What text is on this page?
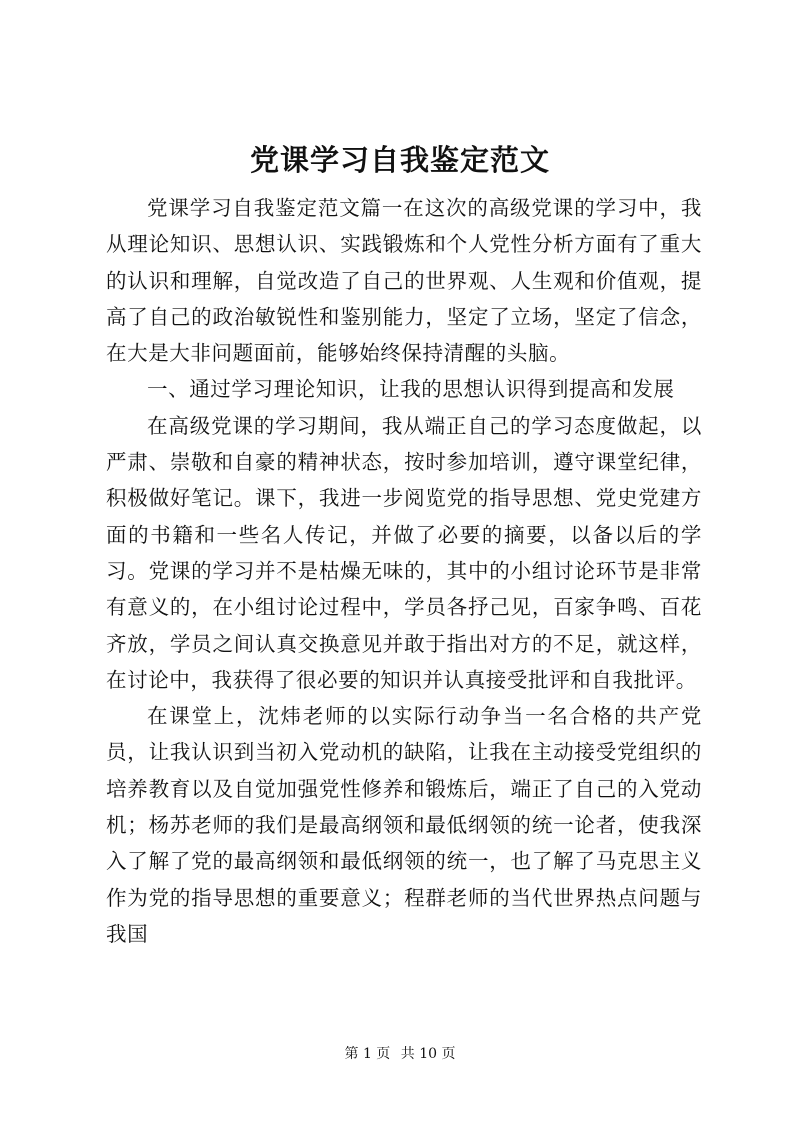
党课学习自我鉴定范文

党课学习自我鉴定范文篇一在这次的高级党课的学习中，我从理论知识、思想认识、实践锻炼和个人党性分析方面有了重大的认识和理解，自觉改造了自己的世界观、人生观和价值观，提高了自己的政治敏锐性和鉴别能力，坚定了立场，坚定了信念，在大是大非问题面前，能够始终保持清醒的头脑。

一、通过学习理论知识，让我的思想认识得到提高和发展

在高级党课的学习期间，我从端正自己的学习态度做起，以严肃、崇敬和自豪的精神状态，按时参加培训，遵守课堂纪律，积极做好笔记。课下，我进一步阅览党的指导思想、党史党建方面的书籍和一些名人传记，并做了必要的摘要，以备以后的学习。党课的学习并不是枯燥无味的，其中的小组讨论环节是非常有意义的，在小组讨论过程中，学员各抒己见，百家争鸣、百花齐放，学员之间认真交换意见并敢于指出对方的不足，就这样，在讨论中，我获得了很必要的知识并认真接受批评和自我批评。

在课堂上，沈炜老师的以实际行动争当一名合格的共产党员，让我认识到当初入党动机的缺陷，让我在主动接受党组织的培养教育以及自觉加强党性修养和锻炼后，端正了自己的入党动机；杨苏老师的我们是最高纲领和最低纲领的统一论者，使我深入了解了党的最高纲领和最低纲领的统一，也了解了马克思主义作为党的指导思想的重要意义；程群老师的当代世界热点问题与我国

第 1 页 共 10 页
